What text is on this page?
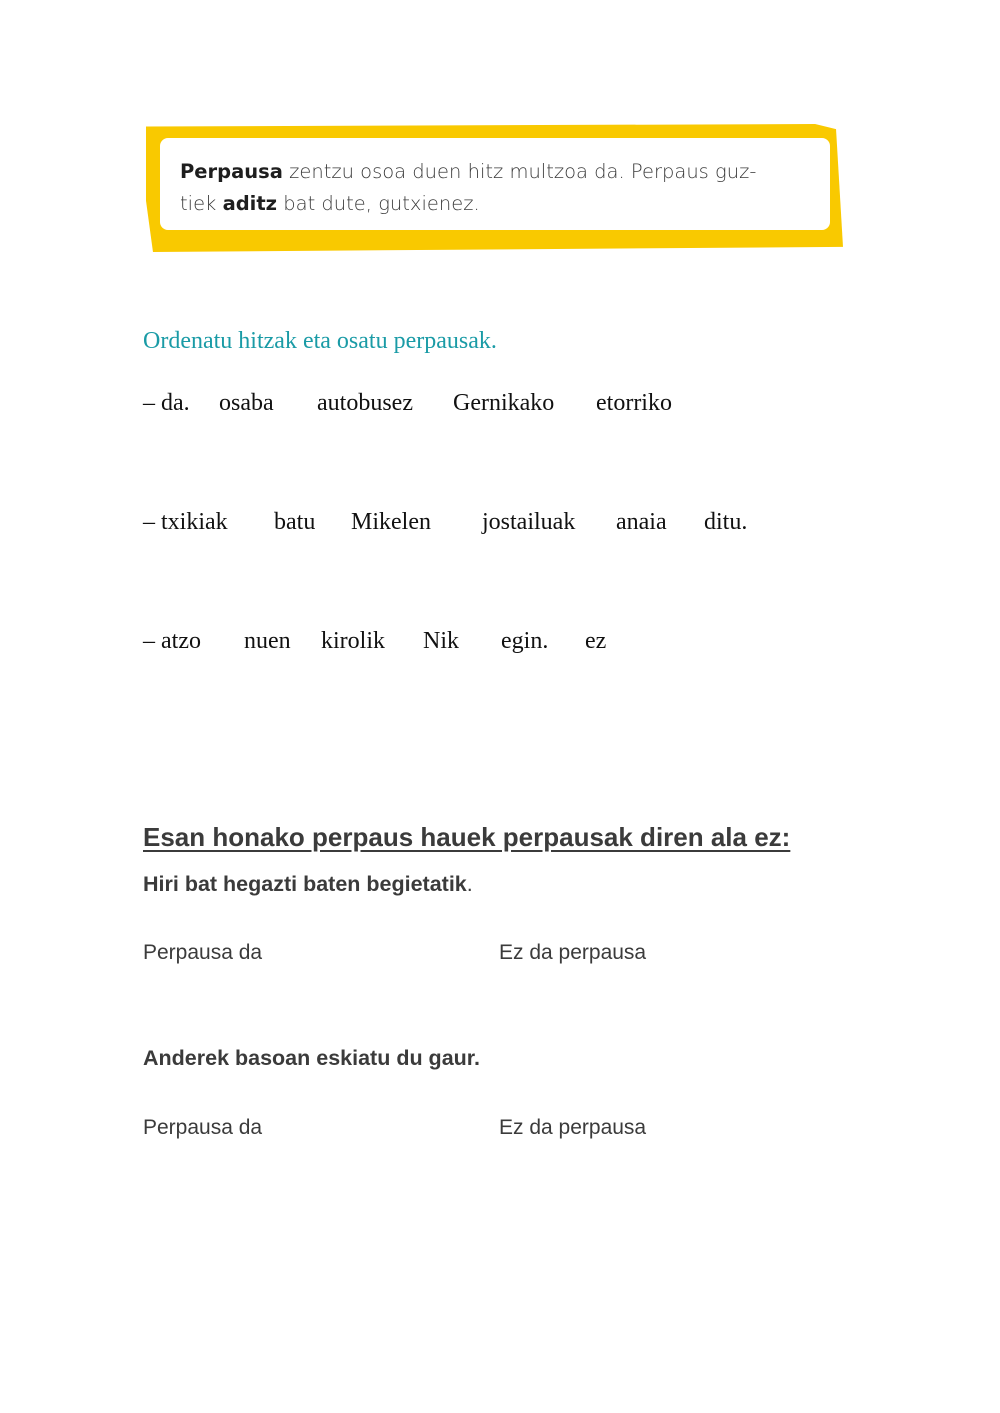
Perpausa zentzu osoa duen hitz multzoa da. Perpaus guz-
tiek aditz bat dute, gutxienez.
Ordenatu hitzak eta osatu perpausak.
– da. osaba autobusez Gernikako etorriko
– txikiak batu Mikelen jostailuak anaia ditu.
– atzo nuen kirolik Nik egin. ez
Esan honako perpaus hauek perpausak diren ala ez:
Hiri bat hegazti baten begietatik.
Perpausa da	Ez da perpausa
Anderek basoan eskiatu du gaur.
Perpausa da	Ez da perpausa
